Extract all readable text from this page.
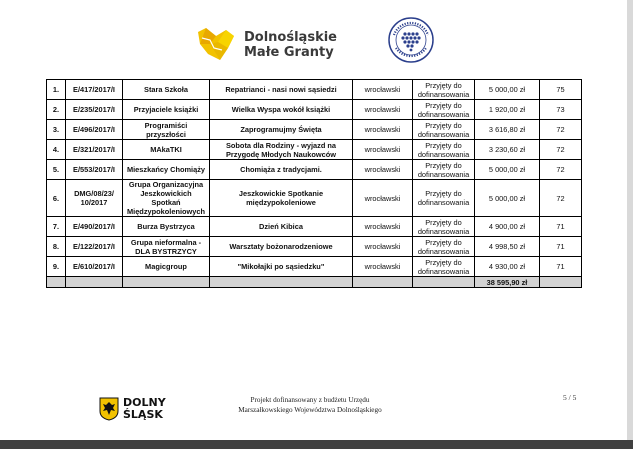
Dolnośląskie
Małe Granty
1.	E/417/2017/I	Stara Szkoła	Repatrianci - nasi nowi sąsiedzi	wrocławski	Przyjęty do dofinansowania	5 000,00 zł	75
2.	E/235/2017/I	Przyjaciele książki	Wielka Wyspa wokół książki	wrocławski	Przyjęty do dofinansowania	1 920,00 zł	73
3.	E/496/2017/I	Programiści przyszłości	Zaprogramujmy Święta	wrocławski	Przyjęty do dofinansowania	3 616,80 zł	72
4.	E/321/2017/I	MAkaTKI	Sobota dla Rodziny - wyjazd na Przygodę Młodych Naukowców	wrocławski	Przyjęty do dofinansowania	3 230,60 zł	72
5.	E/553/2017/I	Mieszkańcy Chomiąży	Chomiąża z tradycjami.	wrocławski	Przyjęty do dofinansowania	5 000,00 zł	72
6.	DMG/08/23/ 10/2017	Grupa Organizacyjna Jeszkowickich Spotkań Międzypokoleniowych	Jeszkowickie Spotkanie międzypokoleniowe	wrocławski	Przyjęty do dofinansowania	5 000,00 zł	72
7.	E/490/2017/I	Burza Bystrzyca	Dzień Kibica	wrocławski	Przyjęty do dofinansowania	4 900,00 zł	71
8.	E/122/2017/I	Grupa nieformalna - DLA BYSTRZYCY	Warsztaty bożonarodzeniowe	wrocławski	Przyjęty do dofinansowania	4 998,50 zł	71
9.	E/610/2017/I	Magicgroup	"Mikołajki po sąsiedzku"	wrocławski	Przyjęty do dofinansowania	4 930,00 zł	71
						38 595,90 zł	
DOLNY
ŚLĄSK
Projekt dofinansowany z budżetu Urzędu
Marszałkowskiego Województwa Dolnośląskiego
5 / 5
